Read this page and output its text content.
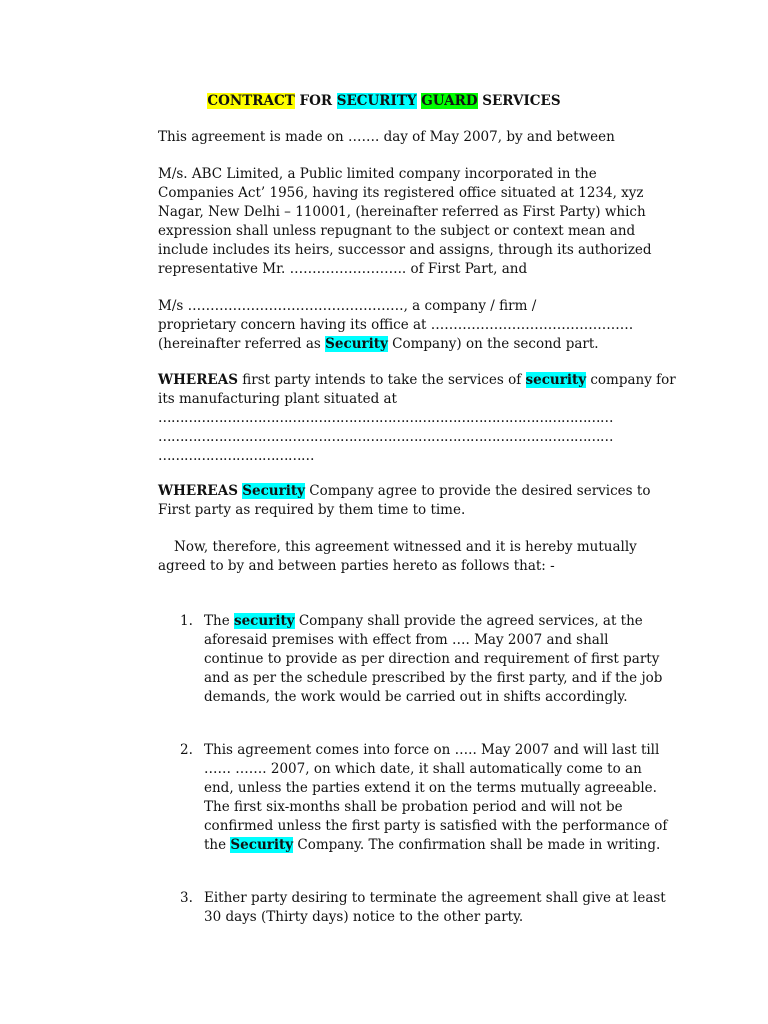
CONTRACT FOR SECURITY GUARD SERVICES

This agreement is made on ……. day of May 2007, by and between

M/s. ABC Limited, a Public limited company incorporated in the
Companies Act’ 1956, having its registered office situated at 1234, xyz
Nagar, New Delhi – 110001, (hereinafter referred as First Party) which
expression shall unless repugnant to the subject or context mean and
include includes its heirs, successor and assigns, through its authorized
representative Mr. …………………….. of First Part, and

M/s …………………………………………, a company / firm /
proprietary concern having its office at ………………………………………
(hereinafter referred as Security Company) on the second part.

WHEREAS first party intends to take the services of security company for
its manufacturing plant situated at
……………………………………………………………………………………………
……………………………………………………………………………………………
………………………………

WHEREAS Security Company agree to provide the desired services to
First party as required by them time to time.

Now, therefore, this agreement witnessed and it is hereby mutually
agreed to by and between parties hereto as follows that: -

1. The security Company shall provide the agreed services, at the
aforesaid premises with effect from …. May 2007 and shall
continue to provide as per direction and requirement of first party
and as per the schedule prescribed by the first party, and if the job
demands, the work would be carried out in shifts accordingly.
2. This agreement comes into force on ….. May 2007 and will last till
…… ……. 2007, on which date, it shall automatically come to an
end, unless the parties extend it on the terms mutually agreeable.
The first six-months shall be probation period and will not be
confirmed unless the first party is satisfied with the performance of
the Security Company. The confirmation shall be made in writing.
3. Either party desiring to terminate the agreement shall give at least
30 days (Thirty days) notice to the other party.
